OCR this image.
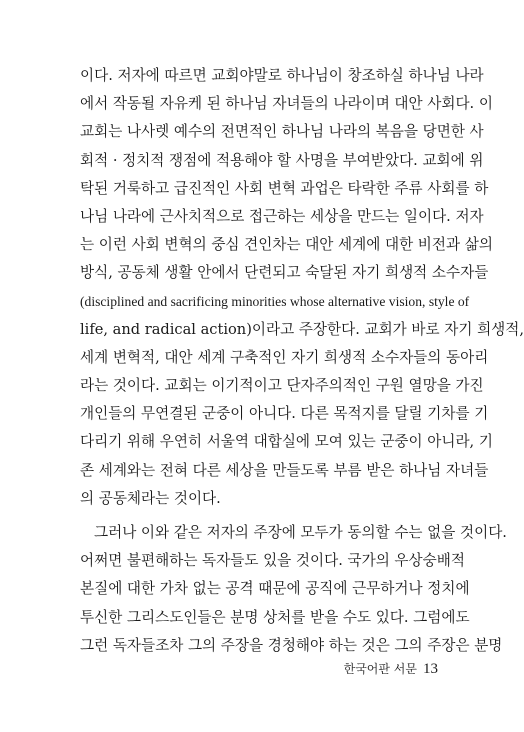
이다. 저자에 따르면 교회야말로 하나님이 창조하실 하나님 나라
에서 작동될 자유케 된 하나님 자녀들의 나라이며 대안 사회다. 이
교회는 나사렛 예수의 전면적인 하나님 나라의 복음을 당면한 사
회적 · 정치적 쟁점에 적용해야 할 사명을 부여받았다. 교회에 위
탁된 거룩하고 급진적인 사회 변혁 과업은 타락한 주류 사회를 하
나님 나라에 근사치적으로 접근하는 세상을 만드는 일이다. 저자
는 이런 사회 변혁의 중심 견인차는 대안 세계에 대한 비전과 삶의
방식, 공동체 생활 안에서 단련되고 숙달된 자기 희생적 소수자들
(disciplined and sacrificing minorities whose alternative vision, style of
life, and radical action)이라고 주장한다. 교회가 바로 자기 희생적,
세계 변혁적, 대안 세계 구축적인 자기 희생적 소수자들의 동아리
라는 것이다. 교회는 이기적이고 단자주의적인 구원 열망을 가진
개인들의 무연결된 군중이 아니다. 다른 목적지를 달릴 기차를 기
다리기 위해 우연히 서울역 대합실에 모여 있는 군중이 아니라, 기
존 세계와는 전혀 다른 세상을 만들도록 부름 받은 하나님 자녀들
의 공동체라는 것이다.
그러나 이와 같은 저자의 주장에 모두가 동의할 수는 없을 것이다.
어쩌면 불편해하는 독자들도 있을 것이다. 국가의 우상숭배적
본질에 대한 가차 없는 공격 때문에 공직에 근무하거나 정치에
투신한 그리스도인들은 분명 상처를 받을 수도 있다. 그럼에도
그런 독자들조차 그의 주장을 경청해야 하는 것은 그의 주장은 분명
한국어판 서문 13
